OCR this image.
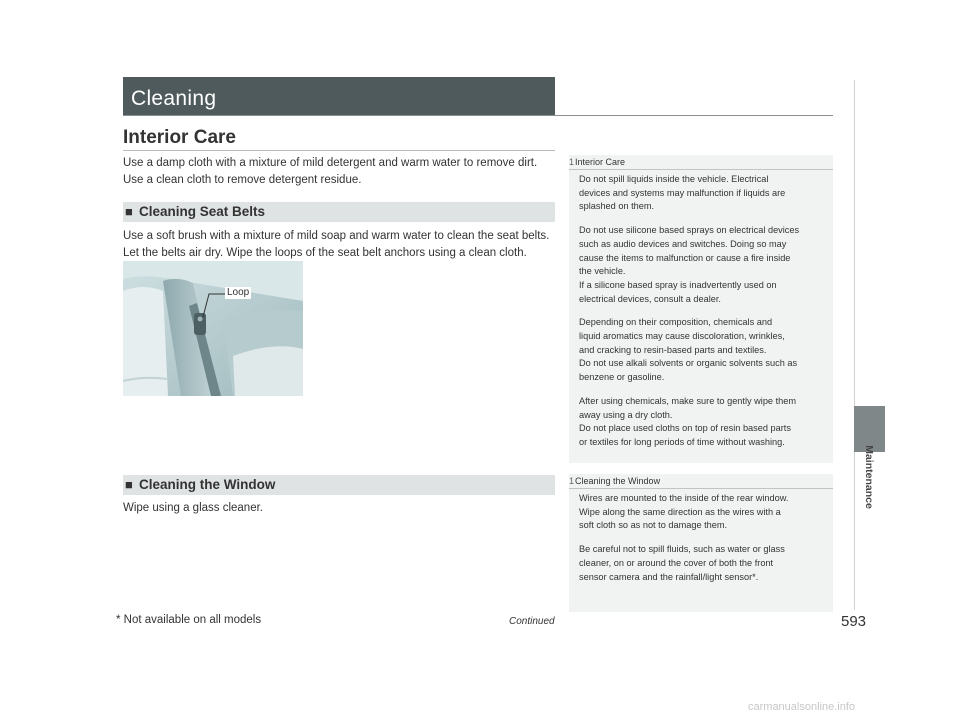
Cleaning
Interior Care
Use a damp cloth with a mixture of mild detergent and warm water to remove dirt.
Use a clean cloth to remove detergent residue.
■ Cleaning Seat Belts
Use a soft brush with a mixture of mild soap and warm water to clean the seat belts.
Let the belts air dry. Wipe the loops of the seat belt anchors using a clean cloth.
Loop
■ Cleaning the Window
Wipe using a glass cleaner.
1Interior Care

Do not spill liquids inside the vehicle. Electrical

devices and systems may malfunction if liquids are

splashed on them.

Do not use silicone based sprays on electrical devices

such as audio devices and switches. Doing so may

cause the items to malfunction or cause a fire inside

the vehicle.

If a silicone based spray is inadvertently used on

electrical devices, consult a dealer.

Depending on their composition, chemicals and

liquid aromatics may cause discoloration, wrinkles,

and cracking to resin-based parts and textiles.

Do not use alkali solvents or organic solvents such as

benzene or gasoline.

After using chemicals, make sure to gently wipe them

away using a dry cloth.

Do not place used cloths on top of resin based parts

or textiles for long periods of time without washing.

1Cleaning the Window

Wires are mounted to the inside of the rear window.

Wipe along the same direction as the wires with a

soft cloth so as not to damage them.

Be careful not to spill fluids, such as water or glass

cleaner, on or around the cover of both the front

sensor camera and the rainfall/light sensor*.

Maintenance
* Not available on all models	Continued	593
carmanualsonline.info
